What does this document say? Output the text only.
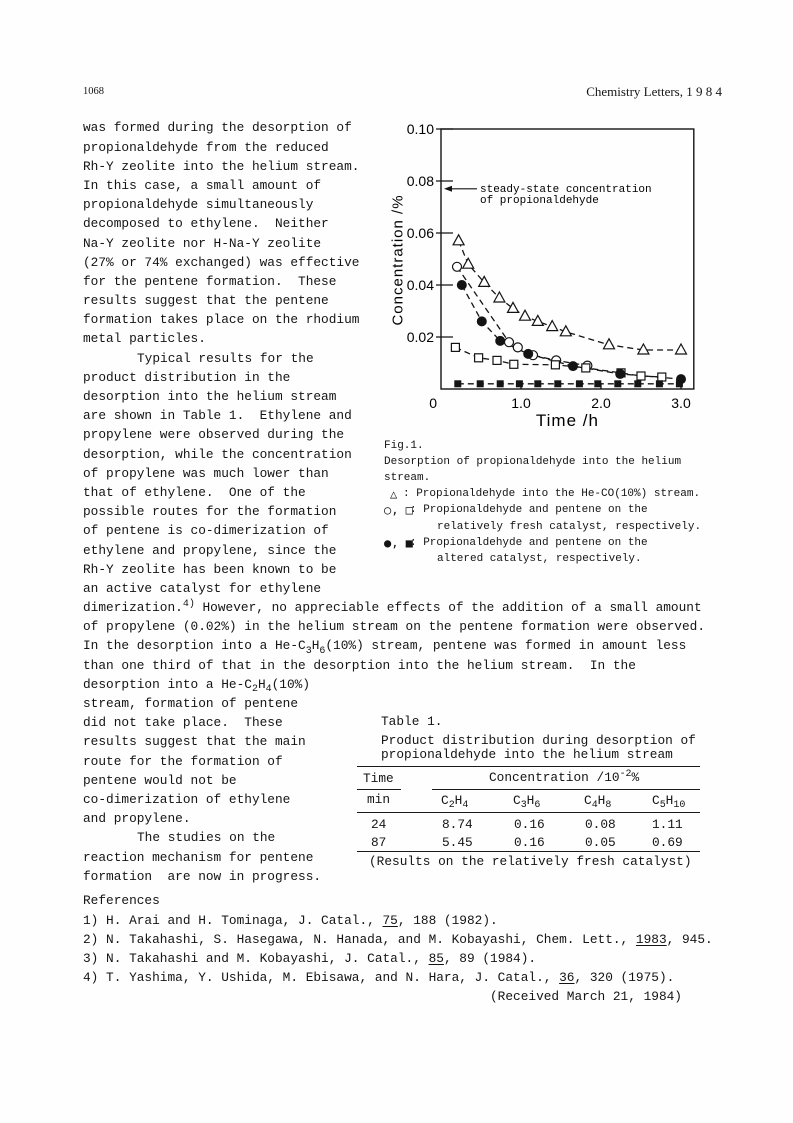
1068	Chemistry Letters, 1 9 8 4
was formed during the desorption of
propionaldehyde from the reduced
Rh-Y zeolite into the helium stream.
In this case, a small amount of
propionaldehyde simultaneously
decomposed to ethylene.  Neither
Na-Y zeolite nor H-Na-Y zeolite
(27% or 74% exchanged) was effective
for the pentene formation.  These
results suggest that the pentene
formation takes place on the rhodium
metal particles.
Typical results for the
product distribution in the
desorption into the helium stream
are shown in Table 1.  Ethylene and
propylene were observed during the
desorption, while the concentration
of propylene was much lower than
that of ethylene.  One of the
possible routes for the formation
of pentene is co-dimerization of
ethylene and propylene, since the
Rh-Y zeolite has been known to be
an active catalyst for ethylene
dimerization.$^{4)}$ However, no appreciable effects of the addition of a small amount
of propylene (0.02%) in the helium stream on the pentene formation were observed.
In the desorption into a $He-C_3H_6(10\%)$ stream, pentene was formed in amount less
than one third of that in the desorption into the helium stream.  In the
desorption into a $He-C_2H_4(10\%)$
stream, formation of pentene
did not take place.  These
results suggest that the main
route for the formation of
pentene would not be
co-dimerization of ethylene
and propylene.
The studies on the
reaction mechanism for pentene
formation  are now in progress.
0.10
0.08
0.06
0.04
0.02
0	1.0	2.0	3.0
Time /h
Concentration /%
steady-state concentration
of propionaldehyde
Fig.1.
Desorption of propionaldehyde into the helium
stream.
△ : Propionaldehyde into the He-CO(10%) stream.
○, □
: Propionaldehyde and pentene on the
relatively fresh catalyst, respectively.
●, ■
: Propionaldehyde and pentene on the
altered catalyst, respectively.
Table 1.
Product distribution during desorption of
propionaldehyde into the helium stream
Time	Concentration $/10^{-2}\%$
min	$C_2H_4$	$C_3H_6$	$C_4H_8$	$C_5H_{10}$
24	8.74	0.16	0.08	1.11
87	5.45	0.16	0.05	0.69
(Results on the relatively fresh catalyst)
References
1) H. Arai and H. Tominaga, J. Catal., 75, 188 (1982).
2) N. Takahashi, S. Hasegawa, N. Hanada, and M. Kobayashi, Chem. Lett., 1983, 945.
3) N. Takahashi and M. Kobayashi, J. Catal., 85, 89 (1984).
4) T. Yashima, Y. Ushida, M. Ebisawa, and N. Hara, J. Catal., 36, 320 (1975).
(Received March 21, 1984)
